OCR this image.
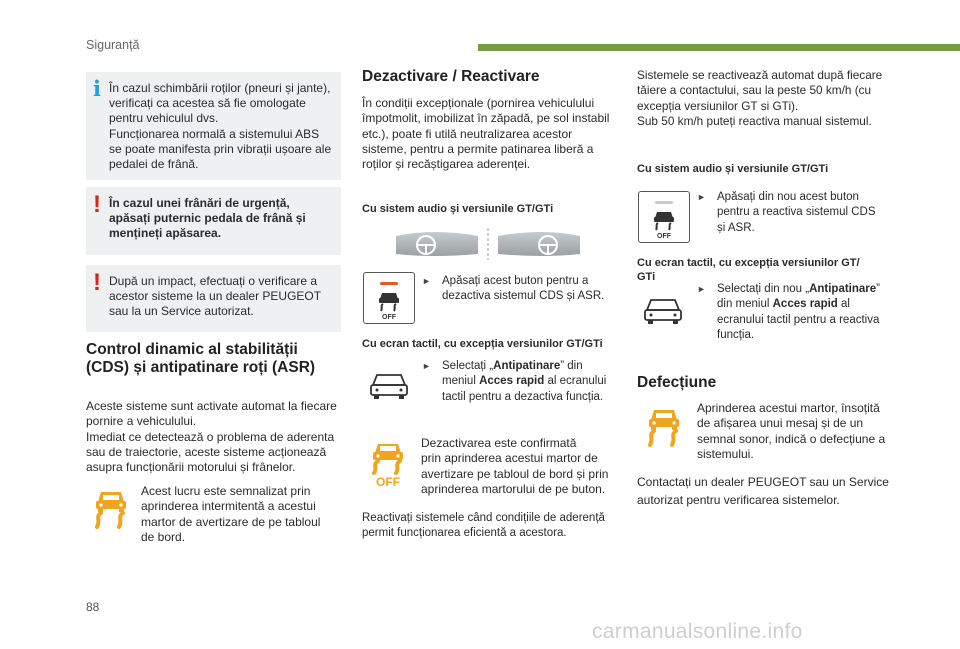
Siguranță
i În cazul schimbării roților (pneuri și jante),

verificați ca acestea să fie omologate

pentru vehiculul dvs.

Funcționarea normală a sistemului ABS

se poate manifesta prin vibrații ușoare ale

pedalei de frână.

! În cazul unei frânări de urgență,

apăsați puternic pedala de frână și

mențineți apăsarea.

! După un impact, efectuați o verificare a

acestor sisteme la un dealer PEUGEOT

sau la un Service autorizat.

Control dinamic al stabilității
(CDS) și antipatinare roți (ASR)

Aceste sisteme sunt activate automat la fiecare

pornire a vehiculului.

Imediat ce detectează o problema de aderenta

sau de traiectorie, aceste sisteme acționează

asupra funcționării motorului și frânelor.

Acest lucru este semnalizat prin

aprinderea intermitentă a acestui

martor de avertizare de pe tabloul

de bord.

Dezactivare / Reactivare

În condiții excepționale (pornirea vehiculului

împotmolit, imobilizat în zăpadă, pe sol instabil

etc.), poate fi utilă neutralizarea acestor

sisteme, pentru a permite patinarea liberă a

roților și recăștigarea aderenței.

Cu sistem audio și versiunile GT/GTi
OFF
► Apăsați acest buton pentru a
dezactiva sistemul CDS și ASR.
Cu ecran tactil, cu excepția versiunilor GT/GTi
► Selectați „Antipatinare” din
meniul Acces rapid al ecranului
tactil pentru a dezactiva funcția.
OFF

Dezactivarea este confirmată

prin aprinderea acestui martor de

avertizare pe tabloul de bord și prin

aprinderea martorului de pe buton.

Reactivați sistemele când condițiile de aderență

permit funcționarea eficientă a acestora.

Sistemele se reactivează automat după fiecare

tăiere a contactului, sau la peste 50 km/h (cu

excepția versiunilor GT si GTi).

Sub 50 km/h puteți reactiva manual sistemul.

Cu sistem audio și versiunile GT/GTi
OFF
► Apăsați din nou acest buton
pentru a reactiva sistemul CDS
și ASR.
Cu ecran tactil, cu excepția versiunilor GT/
GTi
► Selectați din nou „Antipatinare”
din meniul Acces rapid al
ecranului tactil pentru a reactiva
funcția.
Defecțiune

Aprinderea acestui martor, însoțită

de afișarea unui mesaj și de un

semnal sonor, indică o defecțiune a

sistemului.

Contactați un dealer PEUGEOT sau un Service

autorizat pentru verificarea sistemelor.

88
carmanualsonline.info
